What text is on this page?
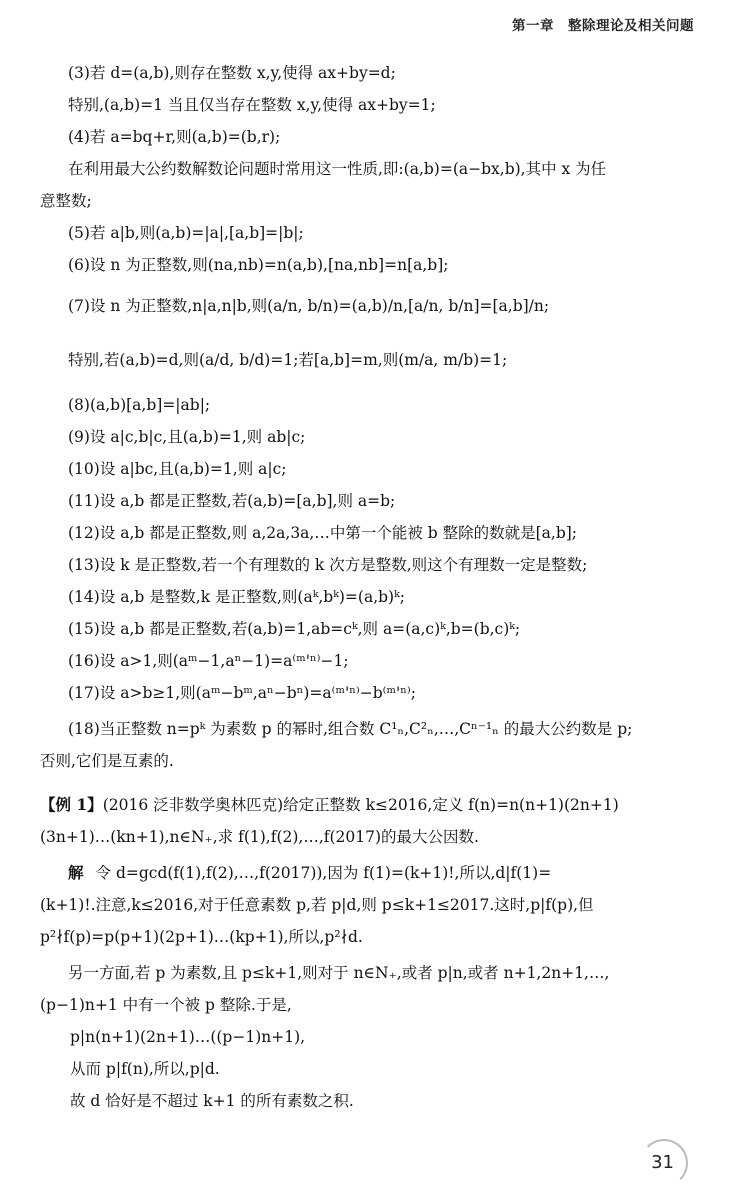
第一章　整除理论及相关问题
(3)若 d=(a,b),则存在整数 x,y,使得 ax+by=d;
特别,(a,b)=1 当且仅当存在整数 x,y,使得 ax+by=1;
(4)若 a=bq+r,则(a,b)=(b,r);
在利用最大公约数解数论问题时常用这一性质,即:(a,b)=(a−bx,b),其中 x 为任
意整数;
(5)若 a|b,则(a,b)=|a|,[a,b]=|b|;
(6)设 n 为正整数,则(na,nb)=n(a,b),[na,nb]=n[a,b];
(7)设 n 为正整数,n|a,n|b,则(a/n, b/n)=(a,b)/n,[a/n, b/n]=[a,b]/n;
特别,若(a,b)=d,则(a/d, b/d)=1;若[a,b]=m,则(m/a, m/b)=1;
(8)(a,b)[a,b]=|ab|;
(9)设 a|c,b|c,且(a,b)=1,则 ab|c;
(10)设 a|bc,且(a,b)=1,则 a|c;
(11)设 a,b 都是正整数,若(a,b)=[a,b],则 a=b;
(12)设 a,b 都是正整数,则 a,2a,3a,…中第一个能被 b 整除的数就是[a,b];
(13)设 k 是正整数,若一个有理数的 k 次方是整数,则这个有理数一定是整数;
(14)设 a,b 是整数,k 是正整数,则(aᵏ,bᵏ)=(a,b)ᵏ;
(15)设 a,b 都是正整数,若(a,b)=1,ab=cᵏ,则 a=(a,c)ᵏ,b=(b,c)ᵏ;
(16)设 a>1,则(aᵐ−1,aⁿ−1)=a⁽ᵐ'ⁿ⁾−1;
(17)设 a>b≥1,则(aᵐ−bᵐ,aⁿ−bⁿ)=a⁽ᵐ'ⁿ⁾−b⁽ᵐ'ⁿ⁾;
(18)当正整数 n=pᵏ 为素数 p 的幂时,组合数 C¹ₙ,C²ₙ,…,Cⁿ⁻¹ₙ 的最大公约数是 p;
否则,它们是互素的.
【例 1】(2016 泛非数学奥林匹克)给定正整数 k≤2016,定义 f(n)=n(n+1)(2n+1)
(3n+1)…(kn+1),n∈N₊,求 f(1),f(2),…,f(2017)的最大公因数.
解 令 d=gcd(f(1),f(2),…,f(2017)),因为 f(1)=(k+1)!,所以,d|f(1)=
(k+1)!.注意,k≤2016,对于任意素数 p,若 p|d,则 p≤k+1≤2017.这时,p|f(p),但
p²∤f(p)=p(p+1)(2p+1)…(kp+1),所以,p²∤d.
另一方面,若 p 为素数,且 p≤k+1,则对于 n∈N₊,或者 p|n,或者 n+1,2n+1,…,
(p−1)n+1 中有一个被 p 整除.于是,
p|n(n+1)(2n+1)…((p−1)n+1),
从而 p|f(n),所以,p|d.
故 d 恰好是不超过 k+1 的所有素数之积.
31
